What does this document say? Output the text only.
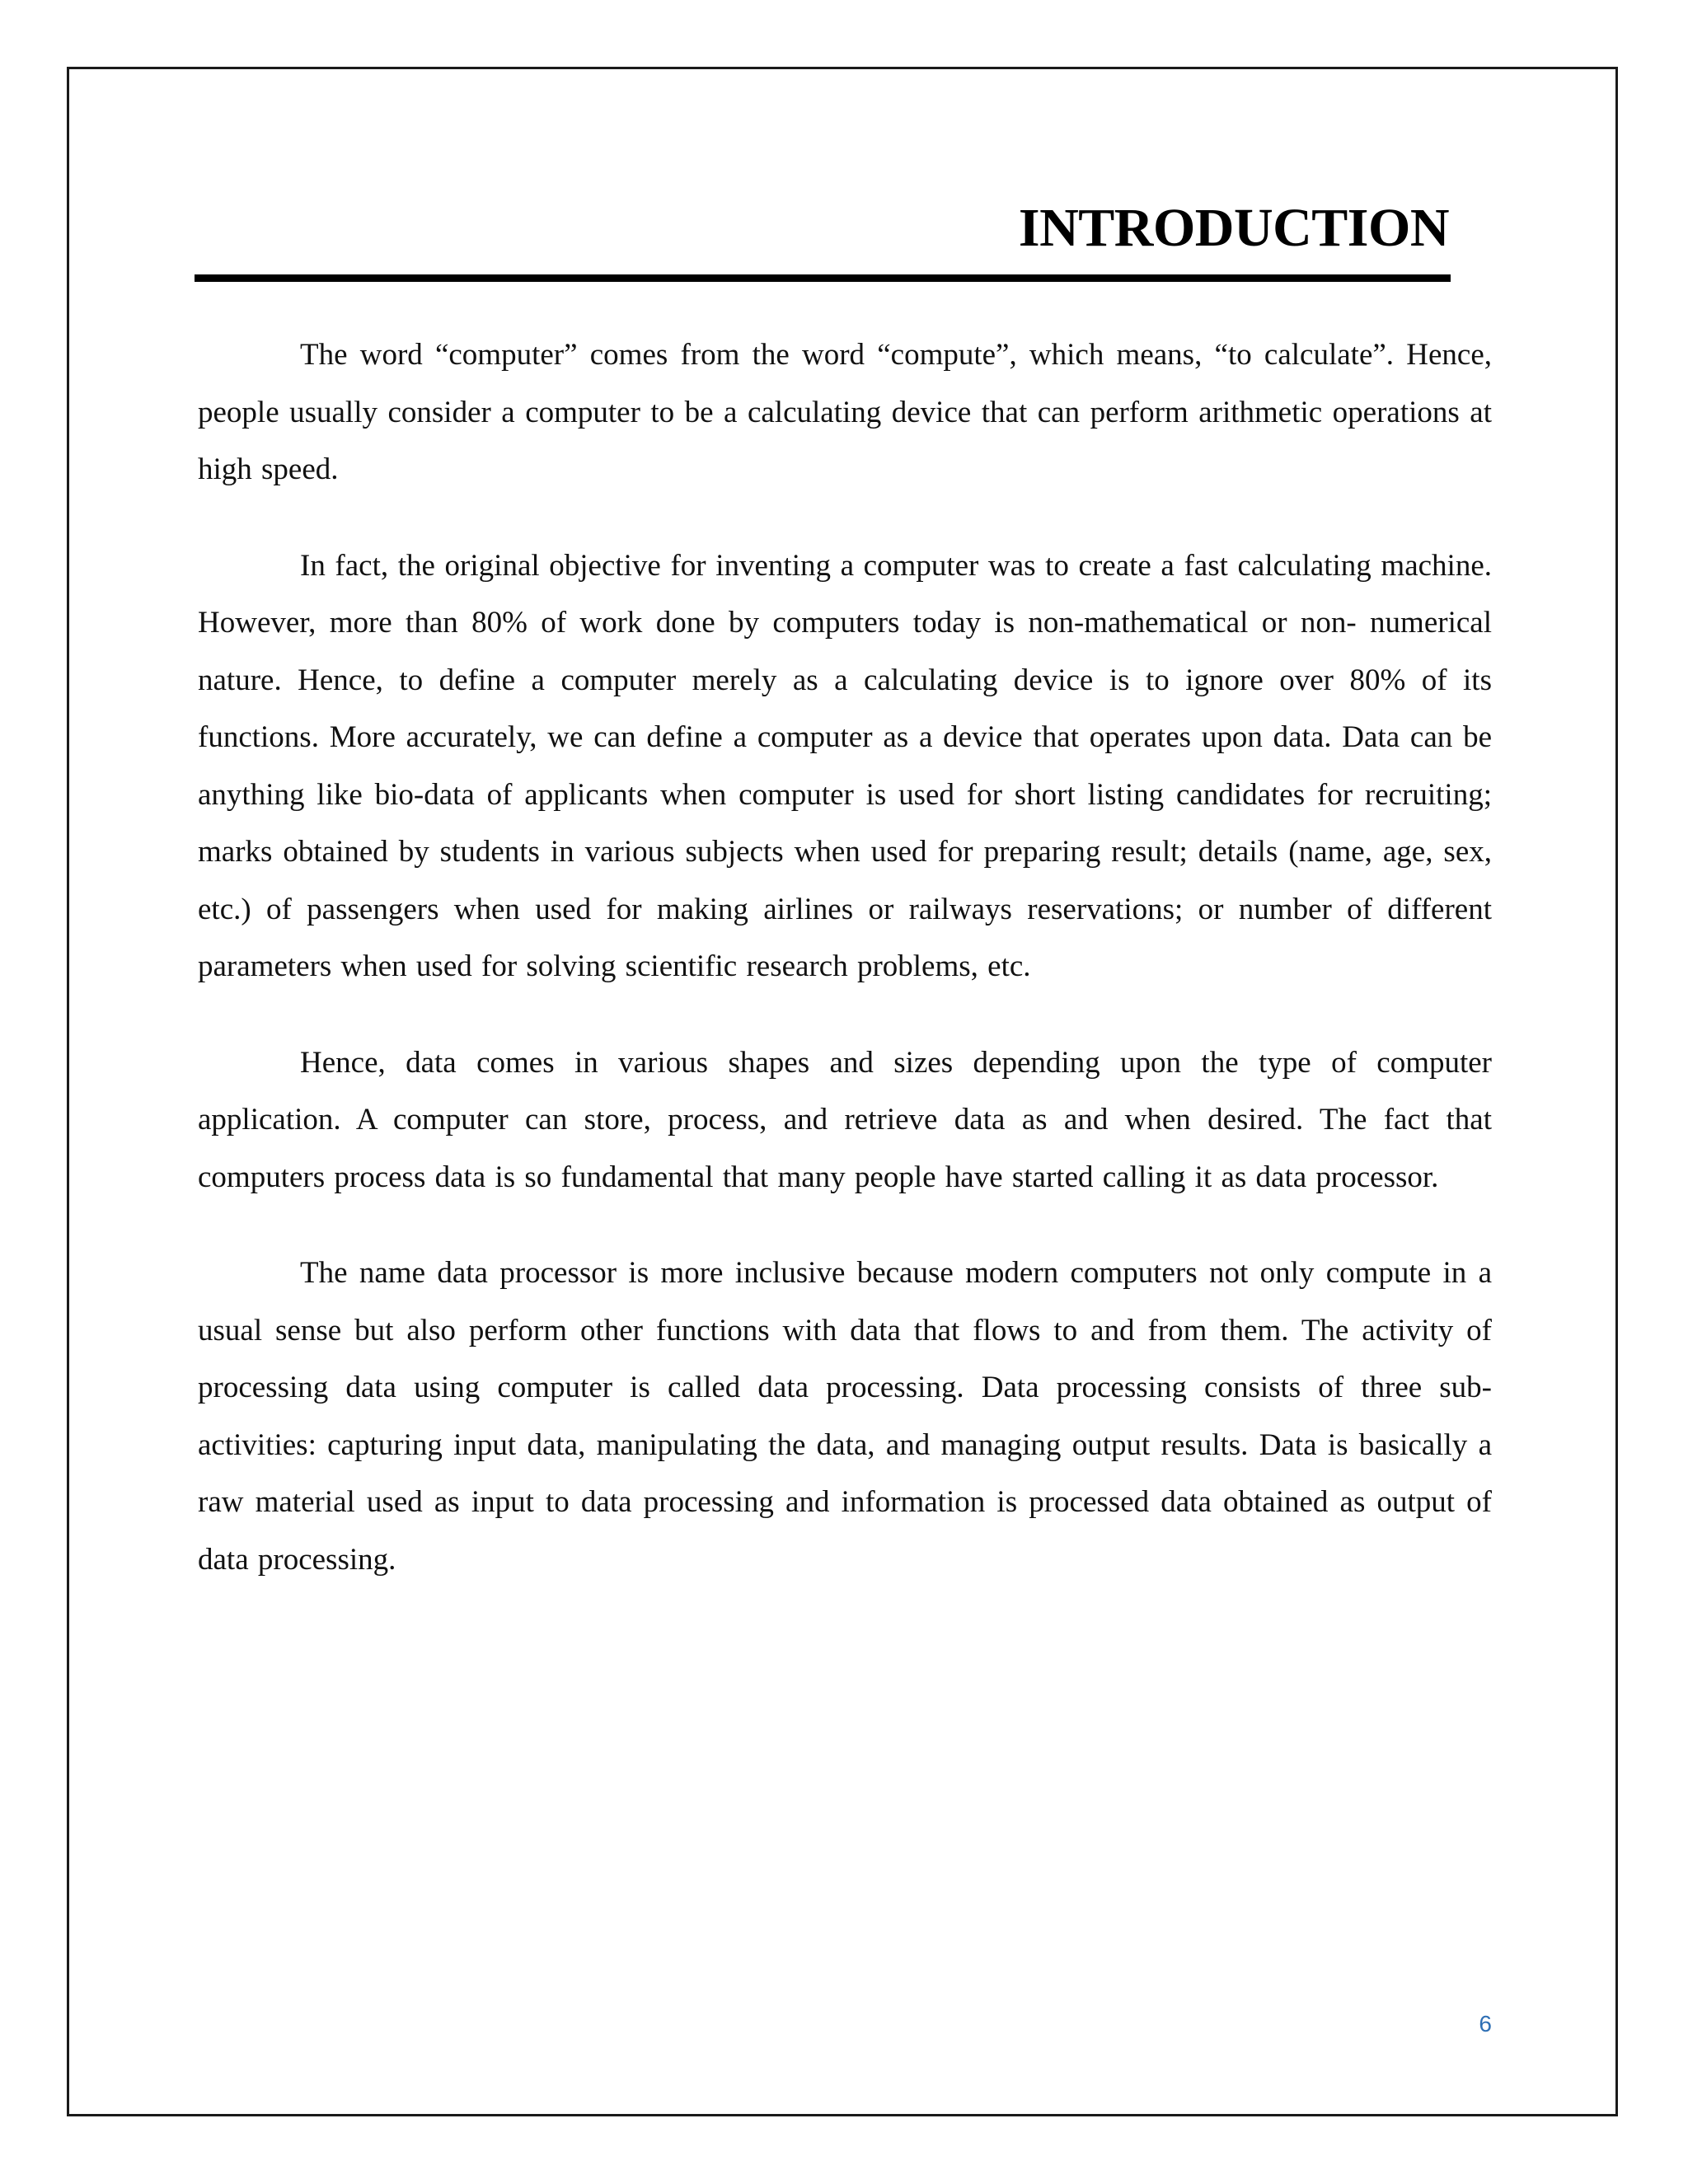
INTRODUCTION

The word “computer” comes from the word “compute”, which means, “to calculate”. Hence, people usually consider a computer to be a calculating device that can perform arithmetic operations at high speed.

In fact, the original objective for inventing a computer was to create a fast calculating machine. However, more than 80% of work done by computers today is non-mathematical or non- numerical nature. Hence, to define a computer merely as a calculating device is to ignore over 80% of its functions. More accurately, we can define a computer as a device that operates upon data. Data can be anything like bio-data of applicants when computer is used for short listing candidates for recruiting; marks obtained by students in various subjects when used for preparing result; details (name, age, sex, etc.) of passengers when used for making airlines or railways reservations; or number of different parameters when used for solving scientific research problems, etc.

Hence, data comes in various shapes and sizes depending upon the type of computer application. A computer can store, process, and retrieve data as and when desired. The fact that computers process data is so fundamental that many people have started calling it as data processor.

The name data processor is more inclusive because modern computers not only compute in a usual sense but also perform other functions with data that flows to and from them. The activity of processing data using computer is called data processing. Data processing consists of three sub-activities: capturing input data, manipulating the data, and managing output results. Data is basically a raw material used as input to data processing and information is processed data obtained as output of data processing.

6
